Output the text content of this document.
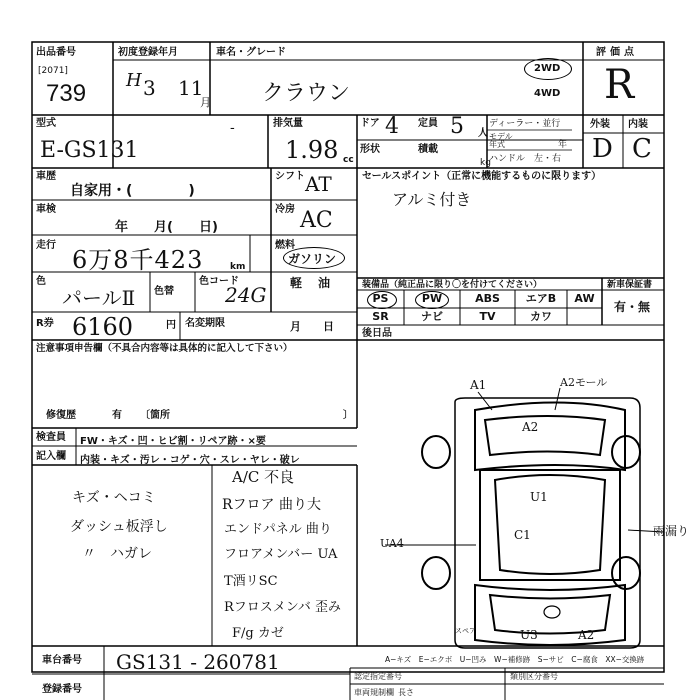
出品番号
[2071]
739
初度登録年月
H 3 11
月
車名・グレード
クラウン
2WD
4WD
評価点
R
型式	-
E-GS131
排気量
1.98 cc
ドア 4 定員 5 人
形状	積載
kg
ディーラー・並行
モデル
年式	年
ハンドル 左・右
外装 内装
D C
車歴
自家用・(　　　　)
シフト AT
車検
年　　月(　　日)
冷房 AC
走行
6万8千423	km
燃料
ガソリン
軽 油
色
パールⅡ 色替
色コード
24G
R券 6160	円 名変期限	月　　日
セールスポイント（正常に機能するものに限ります）
アルミ付き
装備品（純正品に限り〇を付けてください）	新車保証書
有・無
PS	PW	ABS	エアB	AW
SR	ナビ	TV	カワ
後日品
注意事項申告欄（不具合内容等は具体的に記入して下さい）
修復歴	有 〔箇所	〕
検査員 FW・キズ・凹・ヒビ割・リペア跡・×要
記入欄 内装・キズ・汚レ・コゲ・穴・スレ・ヤレ・破レ
キズ・ヘコミ
ダッシュ板浮し
〃　ハガレ
A/C 不良
Rフロア 曲り大
エンドパネル 曲り
フロアメンバー UA
T酒リSC
Rフロスメンバ 歪み
F/g カゼ
A1	A2モール
A2
U1
C1
UA4
雨漏り
スペア	U3	A2
車台番号 GS131 - 260781
登録番号
A−キズ　E−エクボ　U−凹み　W−補修跡　S−サビ　C−腐食　XX−交換跡
認定指定番号	類別区分番号
車両規制欄 長さ
